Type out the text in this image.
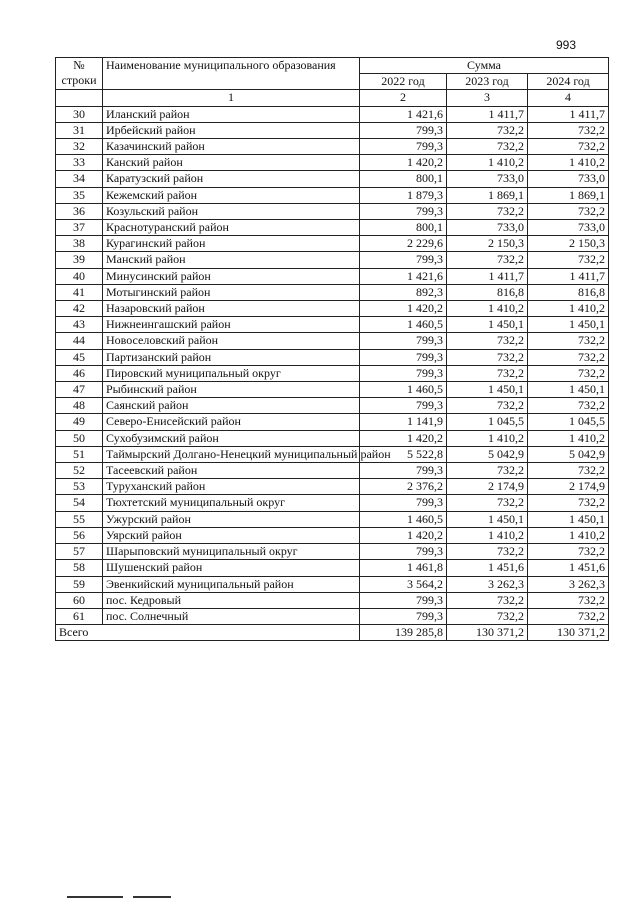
993
№ строки	Наименование муниципального образования	Сумма		
		2022 год	2023 год	2024 год
	1	2	3	4
30	Иланский район	1 421,6	1 411,7	1 411,7
31	Ирбейский район	799,3	732,2	732,2
32	Казачинский район	799,3	732,2	732,2
33	Канский район	1 420,2	1 410,2	1 410,2
34	Каратузский район	800,1	733,0	733,0
35	Кежемский район	1 879,3	1 869,1	1 869,1
36	Козульский район	799,3	732,2	732,2
37	Краснотуранский район	800,1	733,0	733,0
38	Курагинский район	2 229,6	2 150,3	2 150,3
39	Манский район	799,3	732,2	732,2
40	Минусинский район	1 421,6	1 411,7	1 411,7
41	Мотыгинский район	892,3	816,8	816,8
42	Назаровский район	1 420,2	1 410,2	1 410,2
43	Нижнеингашский район	1 460,5	1 450,1	1 450,1
44	Новоселовский район	799,3	732,2	732,2
45	Партизанский район	799,3	732,2	732,2
46	Пировский муниципальный округ	799,3	732,2	732,2
47	Рыбинский район	1 460,5	1 450,1	1 450,1
48	Саянский район	799,3	732,2	732,2
49	Северо-Енисейский район	1 141,9	1 045,5	1 045,5
50	Сухобузимский район	1 420,2	1 410,2	1 410,2
51	Таймырский Долгано-Ненецкий муниципальный район	5 522,8	5 042,9	5 042,9
52	Тасеевский район	799,3	732,2	732,2
53	Туруханский район	2 376,2	2 174,9	2 174,9
54	Тюхтетский муниципальный округ	799,3	732,2	732,2
55	Ужурский район	1 460,5	1 450,1	1 450,1
56	Уярский район	1 420,2	1 410,2	1 410,2
57	Шарыповский муниципальный округ	799,3	732,2	732,2
58	Шушенский район	1 461,8	1 451,6	1 451,6
59	Эвенкийский муниципальный район	3 564,2	3 262,3	3 262,3
60	пос. Кедровый	799,3	732,2	732,2
61	пос. Солнечный	799,3	732,2	732,2
Всего		139 285,8	130 371,2	130 371,2
